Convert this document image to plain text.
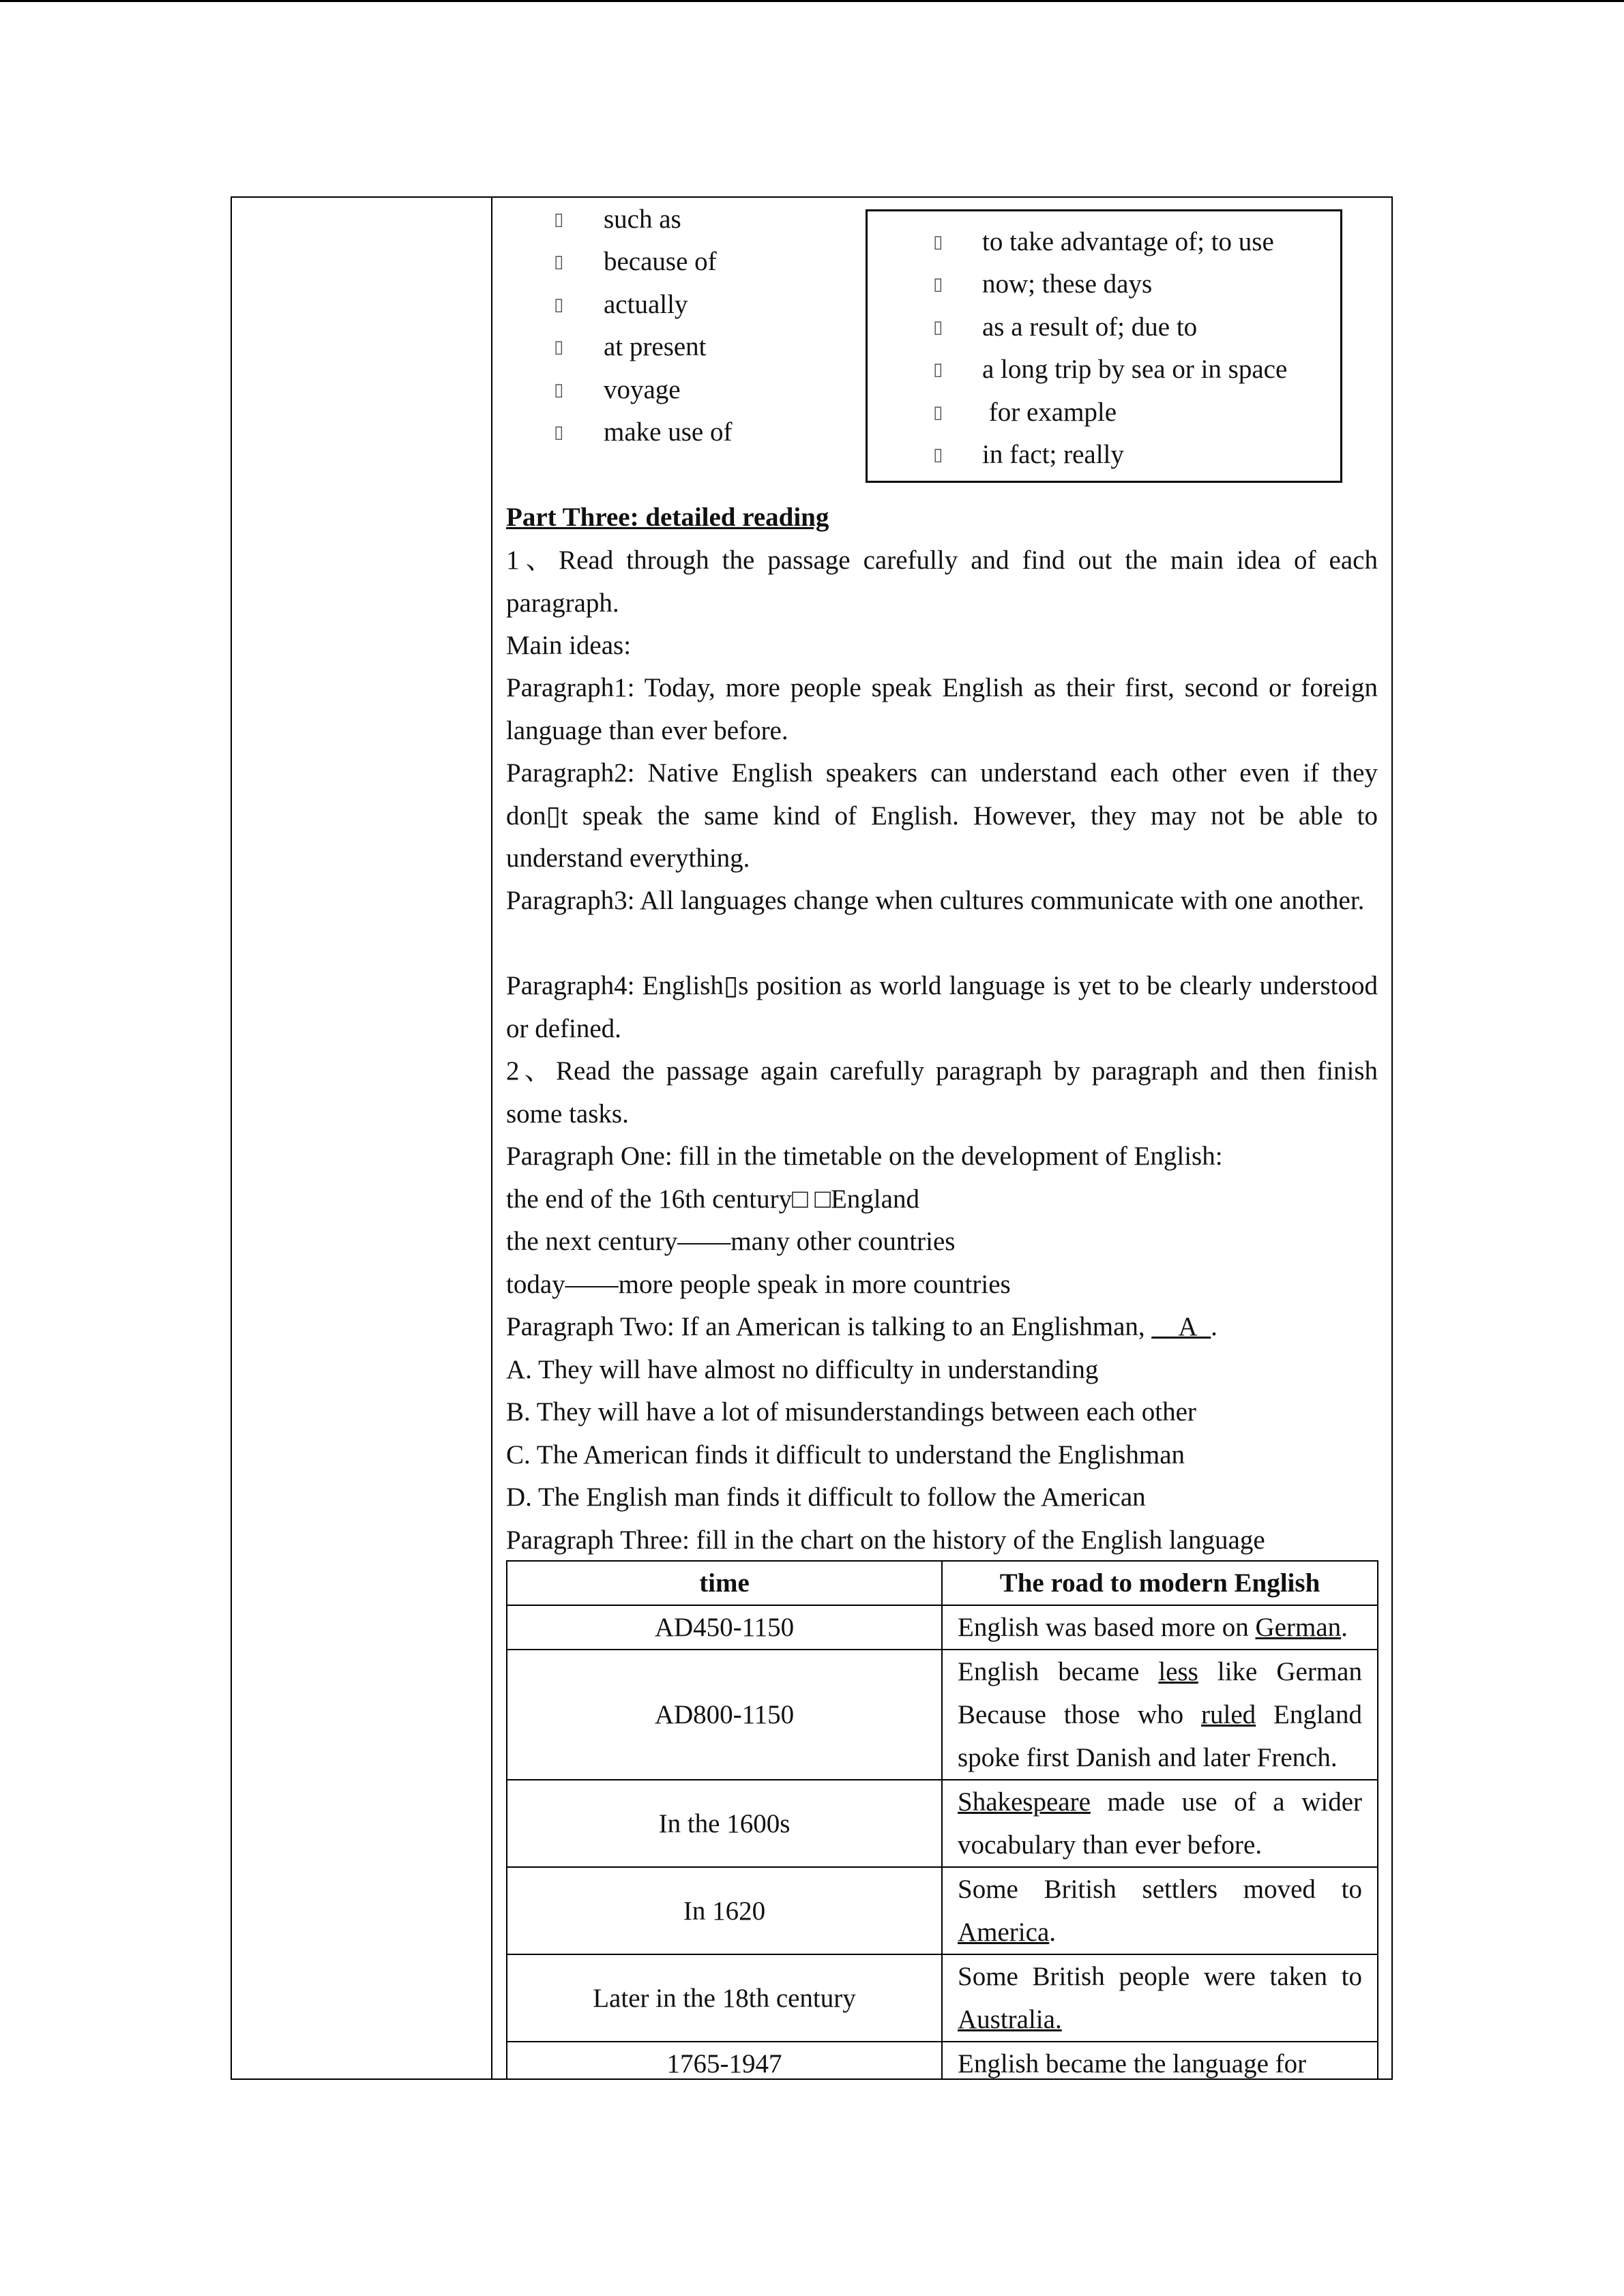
▯ such as
▯ because of
▯ actually
▯ at present
▯ voyage
▯ make use of
▯ to take advantage of; to use
▯ now; these days
▯ as a result of; due to
▯ a long trip by sea or in space
▯ for example
▯ in fact; really
Part Three: detailed reading
1、Read through the passage carefully and find out the main idea of each paragraph.
Main ideas:
Paragraph1: Today, more people speak English as their first, second or foreign language than ever before.
Paragraph2: Native English speakers can understand each other even if they don▯t speak the same kind of English. However, they may not be able to understand everything.
Paragraph3: All languages change when cultures communicate with one another.
Paragraph4: English▯s position as world language is yet to be clearly understood or defined.
2、Read the passage again carefully paragraph by paragraph and then finish some tasks.
Paragraph One: fill in the timetable on the development of English:
the end of the 16th century□ □England
the next century——many other countries
today——more people speak in more countries
Paragraph Two: If an American is talking to an Englishman, __A_.
A. They will have almost no difficulty in understanding
B. They will have a lot of misunderstandings between each other
C. The American finds it difficult to understand the Englishman
D. The English man finds it difficult to follow the American
Paragraph Three: fill in the chart on the history of the English language
time	The road to modern English
AD450-1150	English was based more on German.
AD800-1150	English became less like German Because those who ruled England spoke first Danish and later French.
In the 1600s	Shakespeare made use of a wider vocabulary than ever before.
In 1620	Some British settlers moved to America.
Later in the 18th century	Some British people were taken to Australia.
1765-1947	English became the language for
